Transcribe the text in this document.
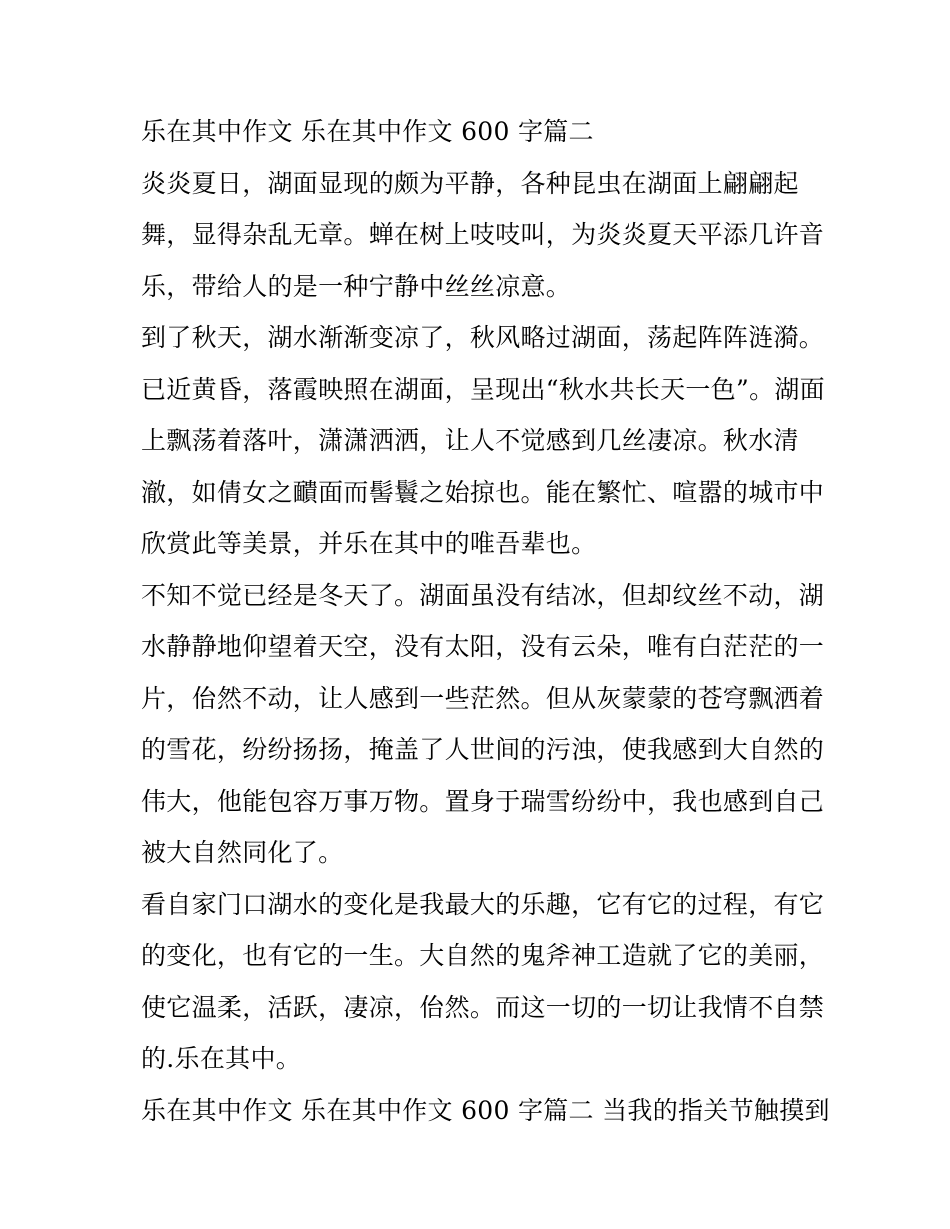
乐在其中作文 乐在其中作文 600 字篇二
炎炎夏日，湖面显现的颇为平静，各种昆虫在湖面上翩翩起
舞，显得杂乱无章。蝉在树上吱吱叫，为炎炎夏天平添几许音
乐，带给人的是一种宁静中丝丝凉意。
到了秋天，湖水渐渐变凉了，秋风略过湖面，荡起阵阵涟漪。
已近黄昏，落霞映照在湖面，呈现出“秋水共长天一色”。湖面
上飘荡着落叶，潇潇洒洒，让人不觉感到几丝凄凉。秋水清
澈，如倩女之靧面而髻鬟之始掠也。能在繁忙、喧嚣的城市中
欣赏此等美景，并乐在其中的唯吾辈也。
不知不觉已经是冬天了。湖面虽没有结冰，但却纹丝不动，湖
水静静地仰望着天空，没有太阳，没有云朵，唯有白茫茫的一
片，佁然不动，让人感到一些茫然。但从灰蒙蒙的苍穹飘洒着
的雪花，纷纷扬扬，掩盖了人世间的污浊，使我感到大自然的
伟大，他能包容万事万物。置身于瑞雪纷纷中，我也感到自己
被大自然同化了。
看自家门口湖水的变化是我最大的乐趣，它有它的过程，有它
的变化，也有它的一生。大自然的鬼斧神工造就了它的美丽，
使它温柔，活跃，凄凉，佁然。而这一切的一切让我情不自禁
的.乐在其中。
乐在其中作文 乐在其中作文 600 字篇二 当我的指关节触摸到
